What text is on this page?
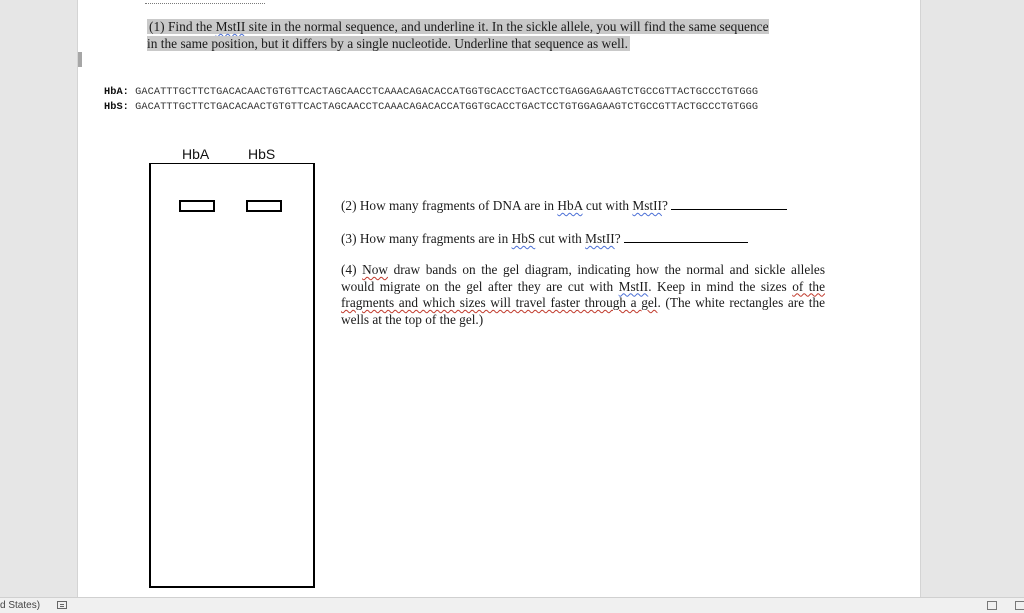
(1) Find the MstII site in the normal sequence, and underline it. In the sickle allele, you will find the same sequence in the same position, but it differs by a single nucleotide. Underline that sequence as well.
HbA: GACATTTGCTTCTGACACAACTGTGTTCACTAGCAACCTCAAACAGACACCATGGTGCACCTGACTCCTGAGGAGAAGTCTGCCGTTACTGCCCTGTGGG
HbS: GACATTTGCTTCTGACACAACTGTGTTCACTAGCAACCTCAAACAGACACCATGGTGCACCTGACTCCTGTGGAGAAGTCTGCCGTTACTGCCCTGTGGG
HbA	HbS
(2) How many fragments of DNA are in HbA cut with MstII?
(3) How many fragments are in HbS cut with MstII?
(4) Now draw bands on the gel diagram, indicating how the normal and sickle alleles would migrate on the gel after they are cut with MstII. Keep in mind the sizes of the fragments and which sizes will travel faster through a gel. (The white rectangles are the wells at the top of the gel.)
d States)
